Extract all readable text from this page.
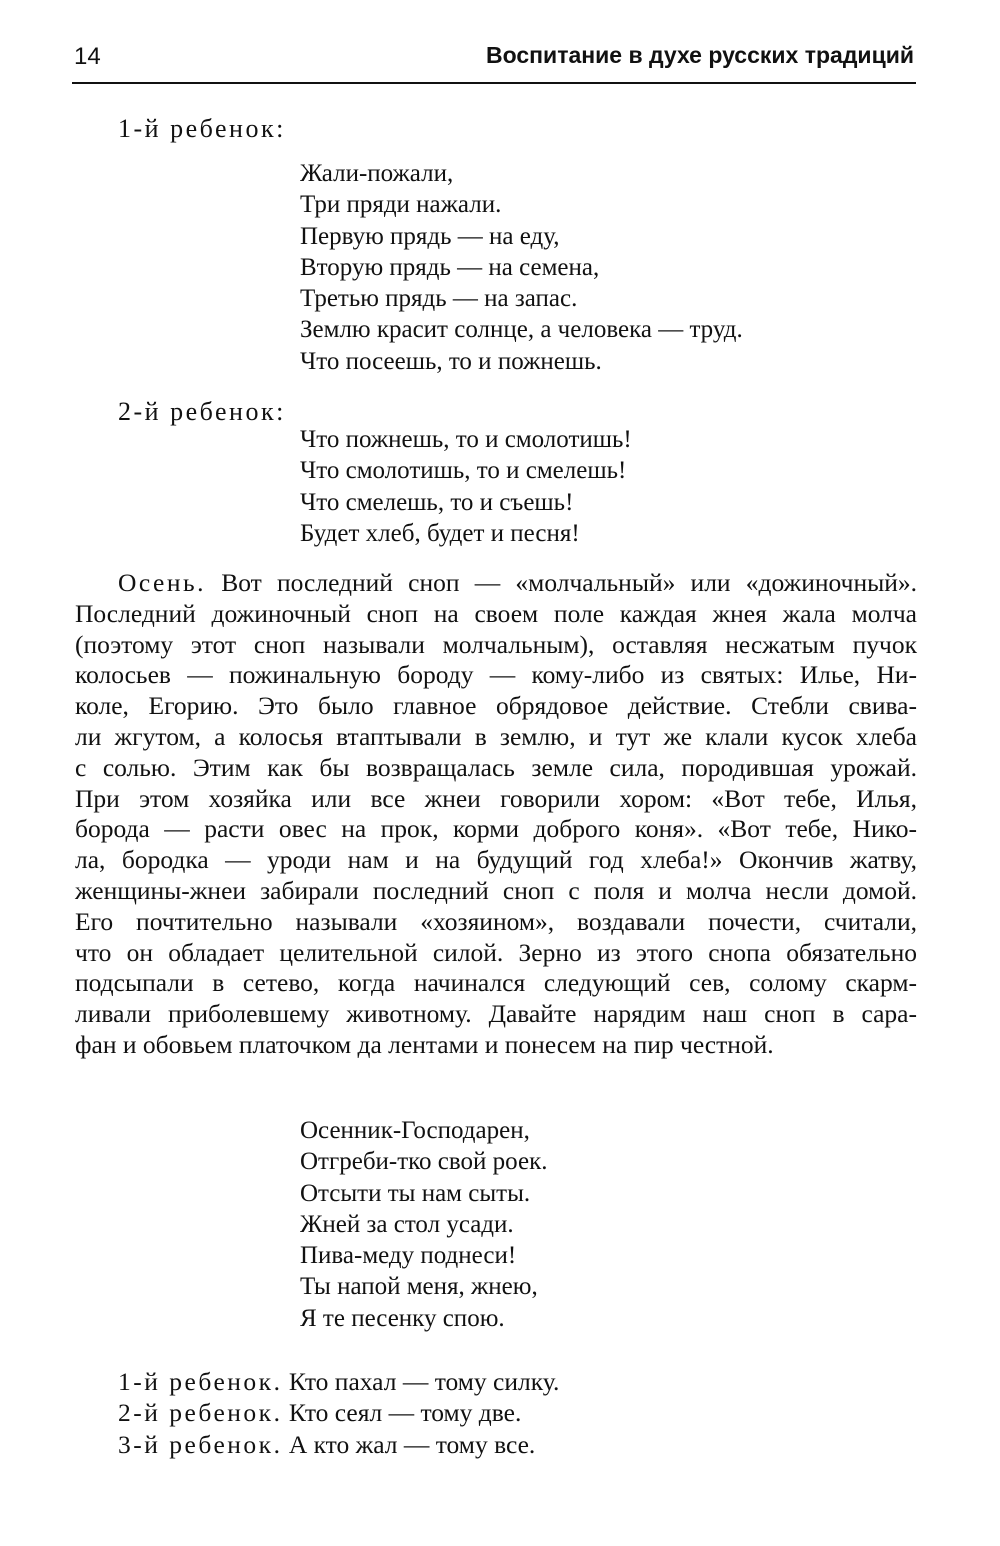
14	Воспитание в духе русских традиций
1-й ребенок:
Жали-пожали,
Три пряди нажали.
Первую прядь — на еду,
Вторую прядь — на семена,
Третью прядь — на запас.
Землю красит солнце, а человека — труд.
Что посеешь, то и пожнешь.
2-й ребенок:
Что пожнешь, то и смолотишь!
Что смолотишь, то и смелешь!
Что смелешь, то и съешь!
Будет хлеб, будет и песня!
Осень. Вот последний сноп — «молчальный» или «дожиночный».
Последний дожиночный сноп на своем поле каждая жнея жала молча
(поэтому этот сноп называли молчальным), оставляя несжатым пучок
колосьев — пожинальную бороду — кому-либо из святых: Илье, Ни-
коле, Егорию. Это было главное обрядовое действие. Стебли свива-
ли жгутом, а колосья втаптывали в землю, и тут же клали кусок хлеба
с солью. Этим как бы возвращалась земле сила, породившая урожай.
При этом хозяйка или все жнеи говорили хором: «Вот тебе, Илья,
борода — расти овес на прок, корми доброго коня». «Вот тебе, Нико-
ла, бородка — уроди нам и на будущий год хлеба!» Окончив жатву,
женщины-жнеи забирали последний сноп с поля и молча несли домой.
Его почтительно называли «хозяином», воздавали почести, считали,
что он обладает целительной силой. Зерно из этого снопа обязательно
подсыпали в сетево, когда начинался следующий сев, солому скарм-
ливали приболевшему животному. Давайте нарядим наш сноп в сара-
фан и обовьем платочком да лентами и понесем на пир честной.
Осенник-Господарен,
Отгреби-тко свой роек.
Отсыти ты нам сыты.
Жней за стол усади.
Пива-меду поднеси!
Ты напой меня, жнею,
Я те песенку спою.
1-й ребенок. Кто пахал — тому силку.
2-й ребенок. Кто сеял — тому две.
3-й ребенок. А кто жал — тому все.
